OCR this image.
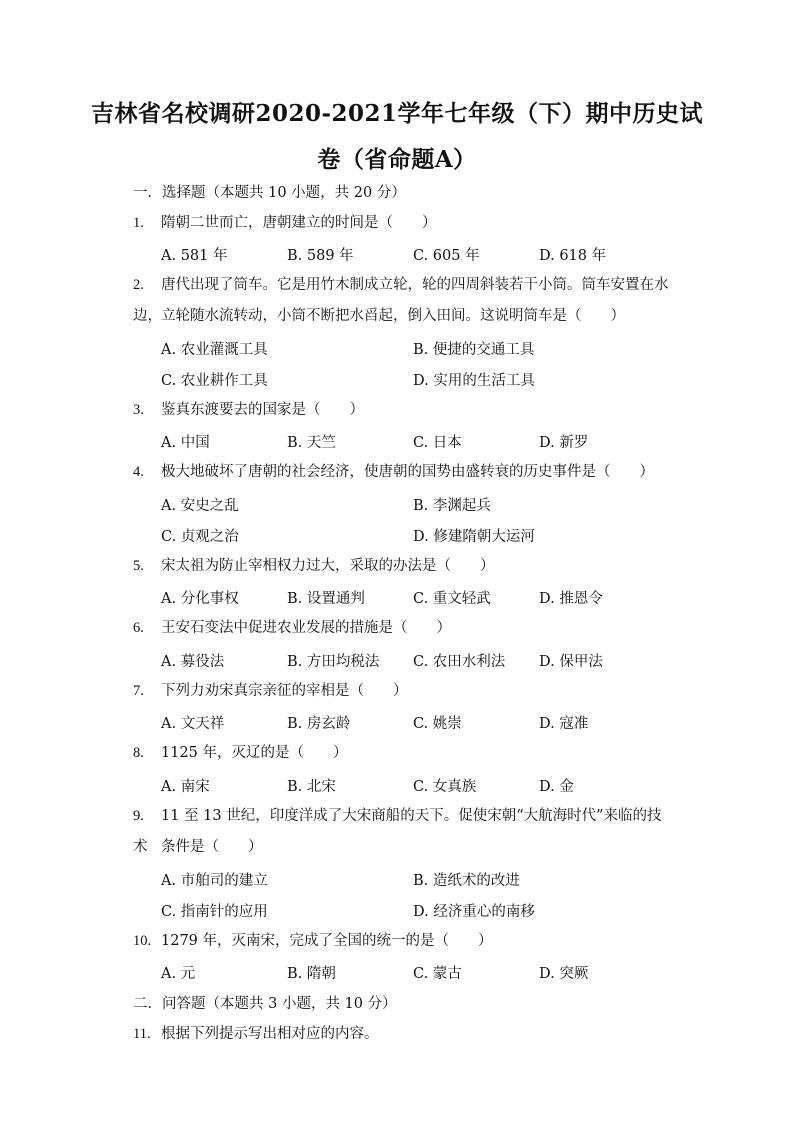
吉林省名校调研2020-2021学年七年级（下）期中历史试
卷（省命题A）
一．选择题（本题共 10 小题，共 20 分）
1. 隋朝二世而亡，唐朝建立的时间是（　　）
A. 581 年	B. 589 年	C. 605 年	D. 618 年
2. 唐代出现了筒车。它是用竹木制成立轮，轮的四周斜装若干小筒。筒车安置在水边， 立轮随水流转动，小筒不断把水舀起，倒入田间。这说明筒车是（　　）
A. 农业灌溉工具	B. 便捷的交通工具
C. 农业耕作工具	D. 实用的生活工具
3. 鉴真东渡要去的国家是（　　）
A. 中国	B. 天竺	C. 日本	D. 新罗
4. 极大地破坏了唐朝的社会经济，使唐朝的国势由盛转衰的历史事件是（　　）
A. 安史之乱	B. 李渊起兵
C. 贞观之治	D. 修建隋朝大运河
5. 宋太祖为防止宰相权力过大，采取的办法是（　　）
A. 分化事权	B. 设置通判	C. 重文轻武	D. 推恩令
6. 王安石变法中促进农业发展的措施是（　　）
A. 募役法	B. 方田均税法	C. 农田水利法	D. 保甲法
7. 下列力劝宋真宗亲征的宰相是（　　）
A. 文天祥	B. 房玄龄	C. 姚崇	D. 寇准
8. 1125 年，灭辽的是（　　）
A. 南宋	B. 北宋	C. 女真族	D. 金
9. 11 至 13 世纪，印度洋成了大宋商船的天下。促使宋朝“大航海时代”来临的技术 条件是（　　）
A. 市舶司的建立	B. 造纸术的改进
C. 指南针的应用	D. 经济重心的南移
10. 1279 年，灭南宋，完成了全国的统一的是（　　）
A. 元	B. 隋朝	C. 蒙古	D. 突厥
二．问答题（本题共 3 小题，共 10 分）
11. 根据下列提示写出相对应的内容。
